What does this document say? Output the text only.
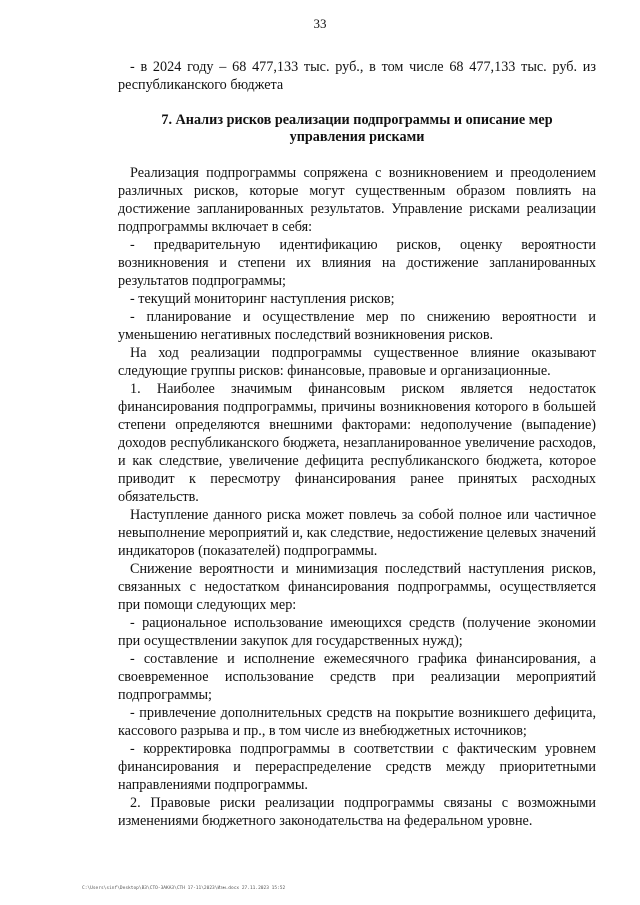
33

- в 2024 году – 68 477,133 тыс. руб., в том числе 68 477,133 тыс. руб. из республиканского бюджета

7. Анализ рисков реализации подпрограммы и описание мер управления рисками

Реализация подпрограммы сопряжена с возникновением и преодолением различных рисков, которые могут существенным образом повлиять на достижение запланированных результатов. Управление рисками реализации подпрограммы включает в себя:

- предварительную идентификацию рисков, оценку вероятности возникновения и степени их влияния на достижение запланированных результатов подпрограммы;

- текущий мониторинг наступления рисков;

- планирование и осуществление мер по снижению вероятности и уменьшению негативных последствий возникновения рисков.

На ход реализации подпрограммы существенное влияние оказывают следующие группы рисков: финансовые, правовые и организационные.

1. Наиболее значимым финансовым риском является недостаток финансирования подпрограммы, причины возникновения которого в большей степени определяются внешними факторами: недополучение (выпадение) доходов республиканского бюджета, незапланированное увеличение расходов, и как следствие, увеличение дефицита республиканского бюджета, которое приводит к пересмотру финансирования ранее принятых расходных обязательств.

Наступление данного риска может повлечь за собой полное или частичное невыполнение мероприятий и, как следствие, недостижение целевых значений индикаторов (показателей) подпрограммы.

Снижение вероятности и минимизация последствий наступления рисков, связанных с недостатком финансирования подпрограммы, осуществляется при помощи следующих мер:

- рациональное использование имеющихся средств (получение экономии при осуществлении закупок для государственных нужд);

- составление и исполнение ежемесячного графика финансирования, а своевременное использование средств при реализации мероприятий подпрограммы;

- привлечение дополнительных средств на покрытие возникшего дефицита, кассового разрыва и пр., в том числе из внебюджетных источников;

- корректировка подпрограммы в соответствии с фактическим уровнем финансирования и перераспределение средств между приоритетными направлениями подпрограммы.

2. Правовые риски реализации подпрограммы связаны с возможными изменениями бюджетного законодательства на федеральном уровне.

С:\Users\sinf\Desktop\ВЗ\СТО-ЗАКАЗ\СТН 17-11\2023\Изм.docx 27.11.2023 15:52
